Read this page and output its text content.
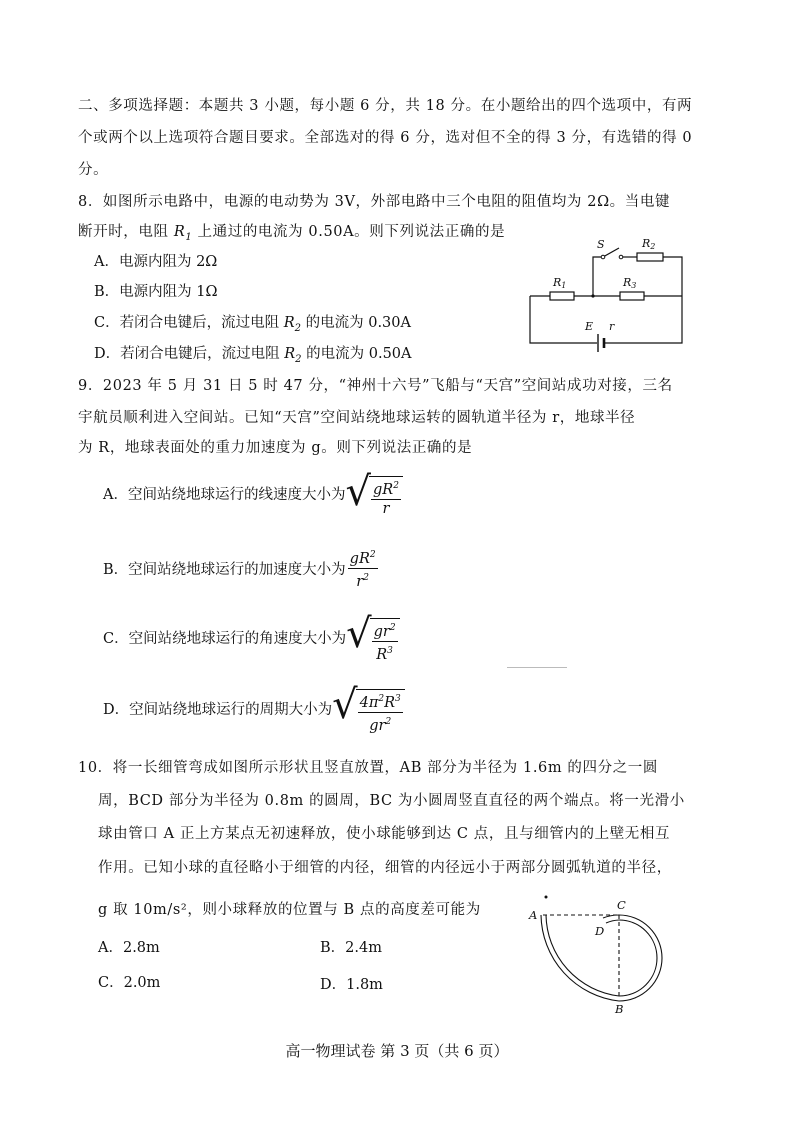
二、多项选择题：本题共 3 小题，每小题 6 分，共 18 分。在小题给出的四个选项中，有两
个或两个以上选项符合题目要求。全部选对的得 6 分，选对但不全的得 3 分，有选错的得 0
分。
8．如图所示电路中，电源的电动势为 3V，外部电路中三个电阻的阻值均为 2Ω。当电键
断开时，电阻 $R_1$ 上通过的电流为 0.50A。则下列说法正确的是
A．电源内阻为 2Ω
B．电源内阻为 1Ω
C．若闭合电键后，流过电阻 $R_2$ 的电流为 0.30A
D．若闭合电键后，流过电阻 $R_2$ 的电流为 0.50A
S	R2
R1	R3
E r
9．2023 年 5 月 31 日 5 时 47 分，“神州十六号”飞船与“天宫”空间站成功对接，三名
宇航员顺利进入空间站。已知“天宫”空间站绕地球运转的圆轨道半径为 r，地球半径
为 R，地球表面处的重力加速度为 g。则下列说法正确的是
A．空间站绕地球运行的线速度大小为 √ $\frac{gR^2}{r}$
B．空间站绕地球运行的加速度大小为 $\frac{gR^2}{r^2}$
C．空间站绕地球运行的角速度大小为 √ $\frac{gr^2}{R^3}$
D．空间站绕地球运行的周期大小为 √ $\frac{4\pi^2R^3}{gr^2}$
10．将一长细管弯成如图所示形状且竖直放置，AB 部分为半径为 1.6m 的四分之一圆
周，BCD 部分为半径为 0.8m 的圆周，BC 为小圆周竖直直径的两个端点。将一光滑小
球由管口 A 正上方某点无初速释放，使小球能够到达 C 点，且与细管内的上壁无相互
作用。已知小球的直径略小于细管的内径，细管的内径远小于两部分圆弧轨道的半径，
g 取 10m/s²，则小球释放的位置与 B 点的高度差可能为
A．2.8m	B．2.4m
C．2.0m	D．1.8m
A
B
C
D
高一物理试卷 第 3 页（共 6 页）
